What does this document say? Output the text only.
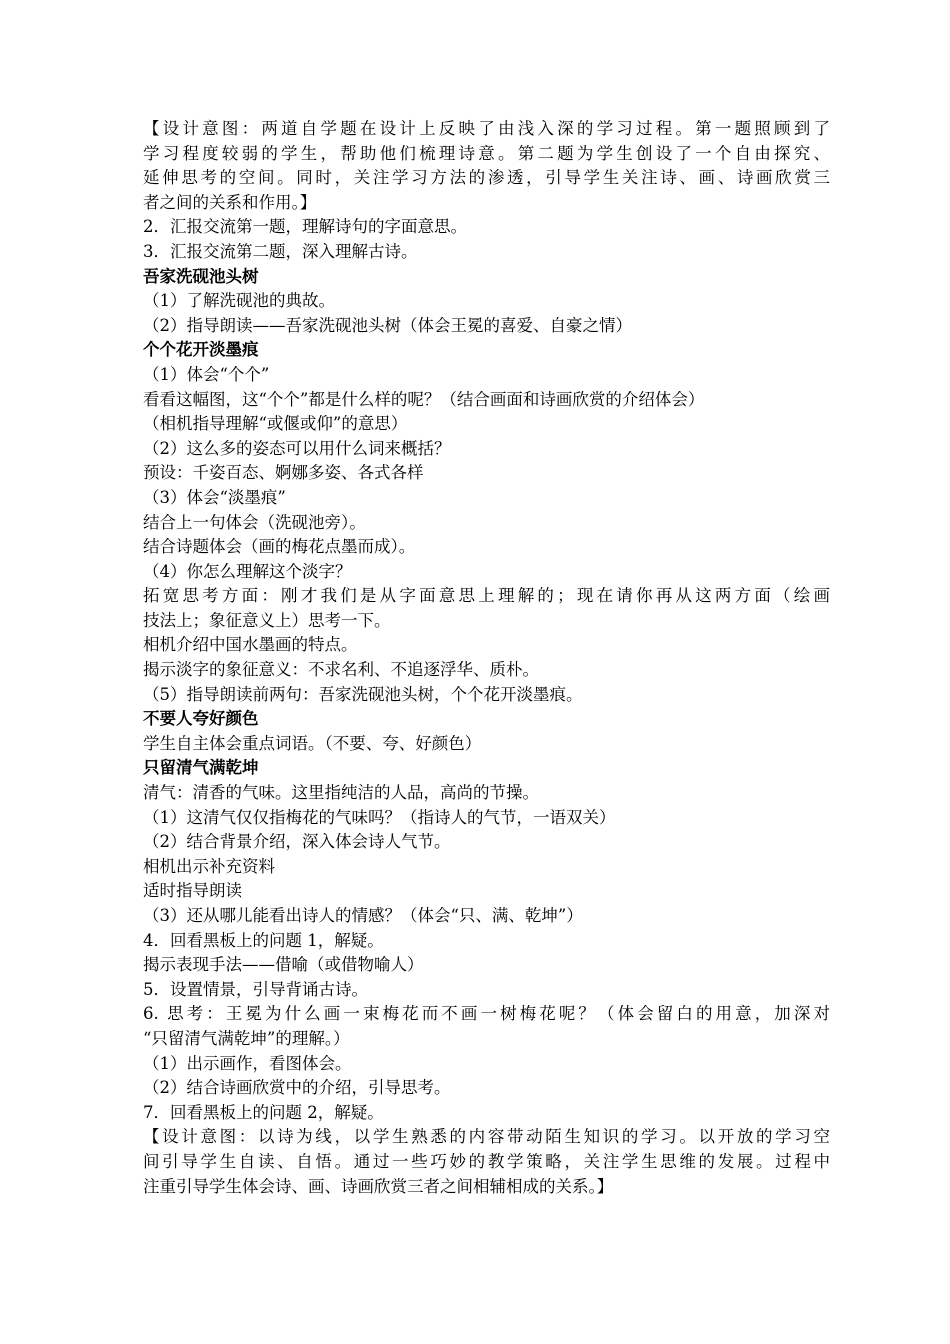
【设计意图：两道自学题在设计上反映了由浅入深的学习过程。第一题照顾到了
学习程度较弱的学生，帮助他们梳理诗意。第二题为学生创设了一个自由探究、
延伸思考的空间。同时，关注学习方法的渗透，引导学生关注诗、画、诗画欣赏三
者之间的关系和作用。】
2．汇报交流第一题，理解诗句的字面意思。
3．汇报交流第二题，深入理解古诗。
吾家洗砚池头树
（1）了解洗砚池的典故。
（2）指导朗读——吾家洗砚池头树（体会王冕的喜爱、自豪之情）
个个花开淡墨痕
（1）体会“个个”
看看这幅图，这“个个”都是什么样的呢？（结合画面和诗画欣赏的介绍体会）
（相机指导理解“或偃或仰”的意思）
（2）这么多的姿态可以用什么词来概括？
预设：千姿百态、婀娜多姿、各式各样
（3）体会“淡墨痕”
结合上一句体会（洗砚池旁）。
结合诗题体会（画的梅花点墨而成）。
（4）你怎么理解这个淡字？
拓宽思考方面：刚才我们是从字面意思上理解的；现在请你再从这两方面（绘画
技法上；象征意义上）思考一下。
相机介绍中国水墨画的特点。
揭示淡字的象征意义：不求名利、不追逐浮华、质朴。
（5）指导朗读前两句：吾家洗砚池头树，个个花开淡墨痕。
不要人夸好颜色
学生自主体会重点词语。（不要、夸、好颜色）
只留清气满乾坤
清气：清香的气味。这里指纯洁的人品，高尚的节操。
（1）这清气仅仅指梅花的气味吗？（指诗人的气节，一语双关）
（2）结合背景介绍，深入体会诗人气节。
相机出示补充资料
适时指导朗读
（3）还从哪儿能看出诗人的情感？（体会“只、满、乾坤”）
4．回看黑板上的问题 1，解疑。
揭示表现手法——借喻（或借物喻人）
5．设置情景，引导背诵古诗。
6. 思考：王冕为什么画一束梅花而不画一树梅花呢？（体会留白的用意，加深对
“只留清气满乾坤”的理解。）
（1）出示画作，看图体会。
（2）结合诗画欣赏中的介绍，引导思考。
7．回看黑板上的问题 2，解疑。
【设计意图：以诗为线，以学生熟悉的内容带动陌生知识的学习。以开放的学习空
间引导学生自读、自悟。通过一些巧妙的教学策略，关注学生思维的发展。过程中
注重引导学生体会诗、画、诗画欣赏三者之间相辅相成的关系。】
